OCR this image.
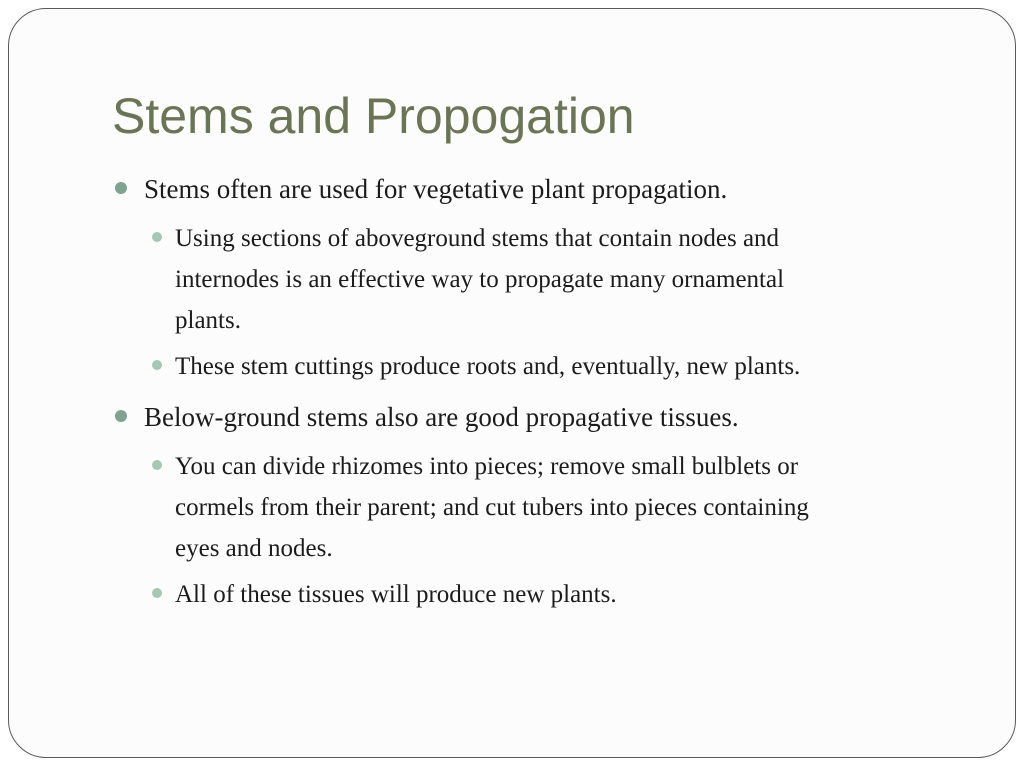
Stems and Propogation
Stems often are used for vegetative plant propagation.
Using sections of aboveground stems that contain nodes and
internodes is an effective way to propagate many ornamental
plants.
These stem cuttings produce roots and, eventually, new plants.
Below-ground stems also are good propagative tissues.
You can divide rhizomes into pieces; remove small bulblets or
cormels from their parent; and cut tubers into pieces containing
eyes and nodes.
All of these tissues will produce new plants.
